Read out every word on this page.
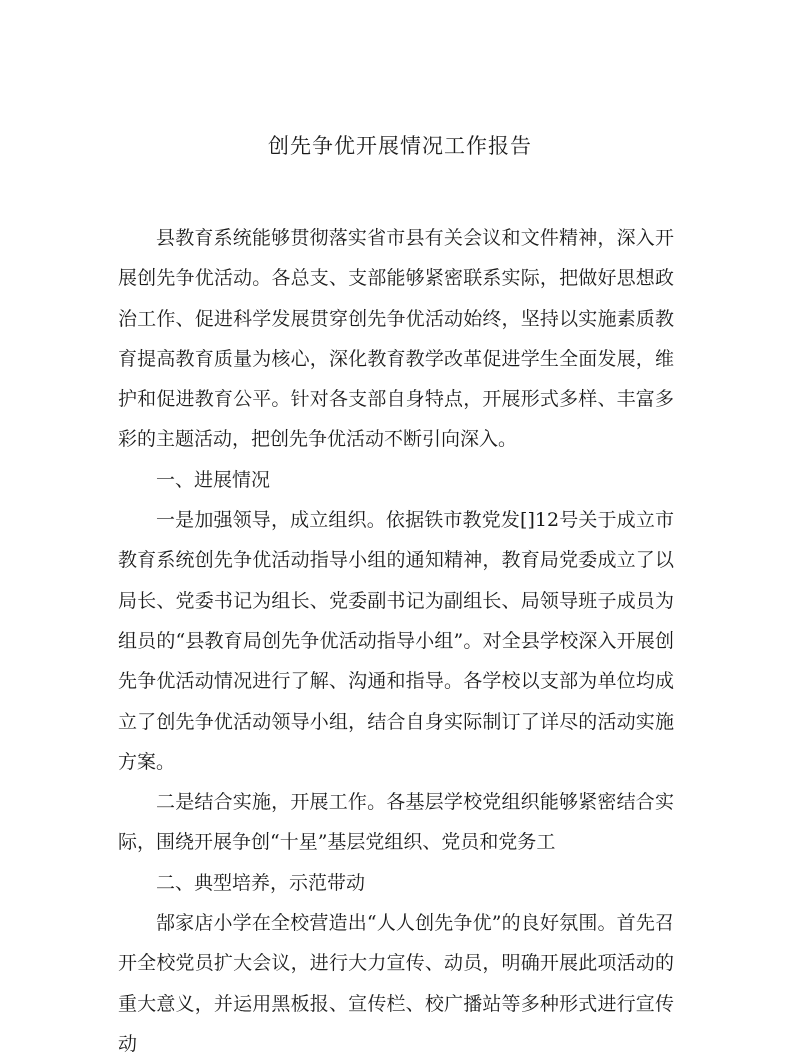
创先争优开展情况工作报告

县教育系统能够贯彻落实省市县有关会议和文件精神，深入开展创先争优活动。各总支、支部能够紧密联系实际，把做好思想政治工作、促进科学发展贯穿创先争优活动始终，坚持以实施素质教育提高教育质量为核心，深化教育教学改革促进学生全面发展，维护和促进教育公平。针对各支部自身特点，开展形式多样、丰富多彩的主题活动，把创先争优活动不断引向深入。

一、进展情况

一是加强领导，成立组织。依据铁市教党发[]12号关于成立市教育系统创先争优活动指导小组的通知精神，教育局党委成立了以局长、党委书记为组长、党委副书记为副组长、局领导班子成员为组员的“县教育局创先争优活动指导小组”。对全县学校深入开展创先争优活动情况进行了解、沟通和指导。各学校以支部为单位均成立了创先争优活动领导小组，结合自身实际制订了详尽的活动实施方案。

二是结合实施，开展工作。各基层学校党组织能够紧密结合实际，围绕开展争创“十星”基层党组织、党员和党务工

二、典型培养，示范带动

郜家店小学在全校营造出“人人创先争优”的良好氛围。首先召开全校党员扩大会议，进行大力宣传、动员，明确开展此项活动的重大意义，并运用黑板报、宣传栏、校广播站等多种形式进行宣传动
